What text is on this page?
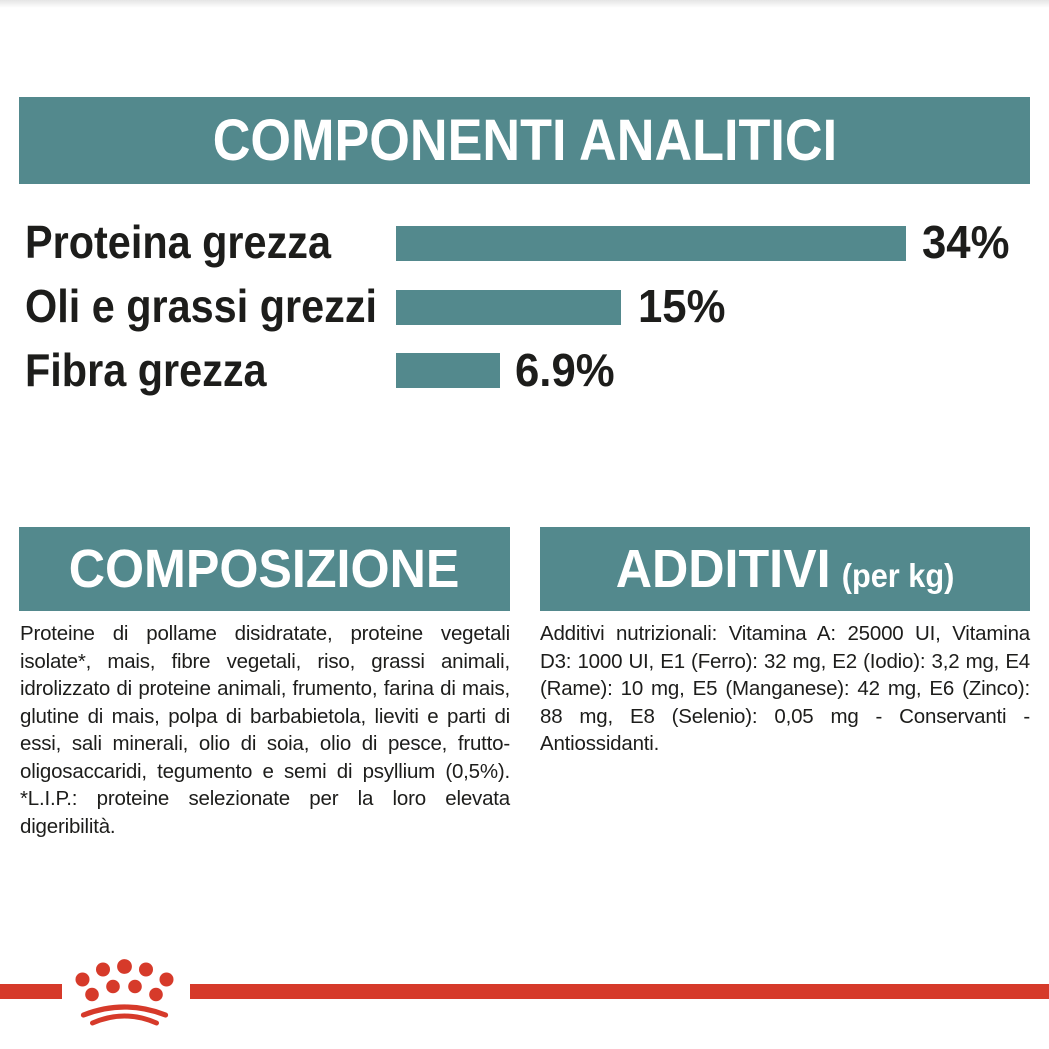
COMPONENTI ANALITICI
Proteina grezza	34%
Oli e grassi grezzi	15%
Fibra grezza	6.9%
COMPOSIZIONE

Proteine di pollame disidratate, proteine vegetali isolate*, mais, fibre vegetali, riso, grassi animali, idrolizzato di proteine animali, frumento, farina di mais, glutine di mais, polpa di barbabietola, lieviti e parti di essi, sali minerali, olio di soia, olio di pesce, frutto-oligosaccaridi, tegumento e semi di psyllium (0,5%). *L.I.P.: proteine selezionate per la loro elevata digeribilità.

ADDITIVI (per kg)

Additivi nutrizionali: Vitamina A: 25000 UI, Vitamina D3: 1000 UI, E1 (Ferro): 32 mg, E2 (Iodio): 3,2 mg, E4 (Rame): 10 mg, E5 (Manganese): 42 mg, E6 (Zinco): 88 mg, E8 (Selenio): 0,05 mg - Conservanti - Antiossidanti.
